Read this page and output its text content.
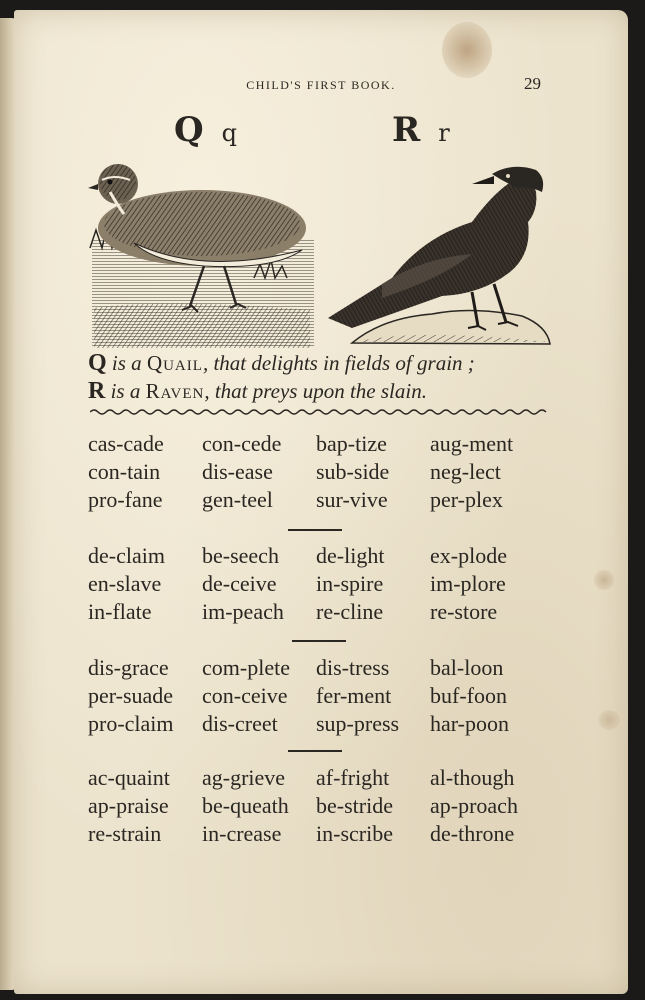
CHILD'S FIRST BOOK.	29
Q q	R r
Q is a Quail, that delights in fields of grain ;
R is a Raven, that preys upon the slain.
cas-cade	con-cede	bap-tize	aug-ment
con-tain	dis-ease	sub-side	neg-lect
pro-fane	gen-teel	sur-vive	per-plex
de-claim	be-seech	de-light	ex-plode
en-slave	de-ceive	in-spire	im-plore
in-flate	im-peach	re-cline	re-store
dis-grace	com-plete	dis-tress	bal-loon
per-suade	con-ceive	fer-ment	buf-foon
pro-claim	dis-creet	sup-press	har-poon
ac-quaint	ag-grieve	af-fright	al-though
ap-praise	be-queath	be-stride	ap-proach
re-strain	in-crease	in-scribe	de-throne
